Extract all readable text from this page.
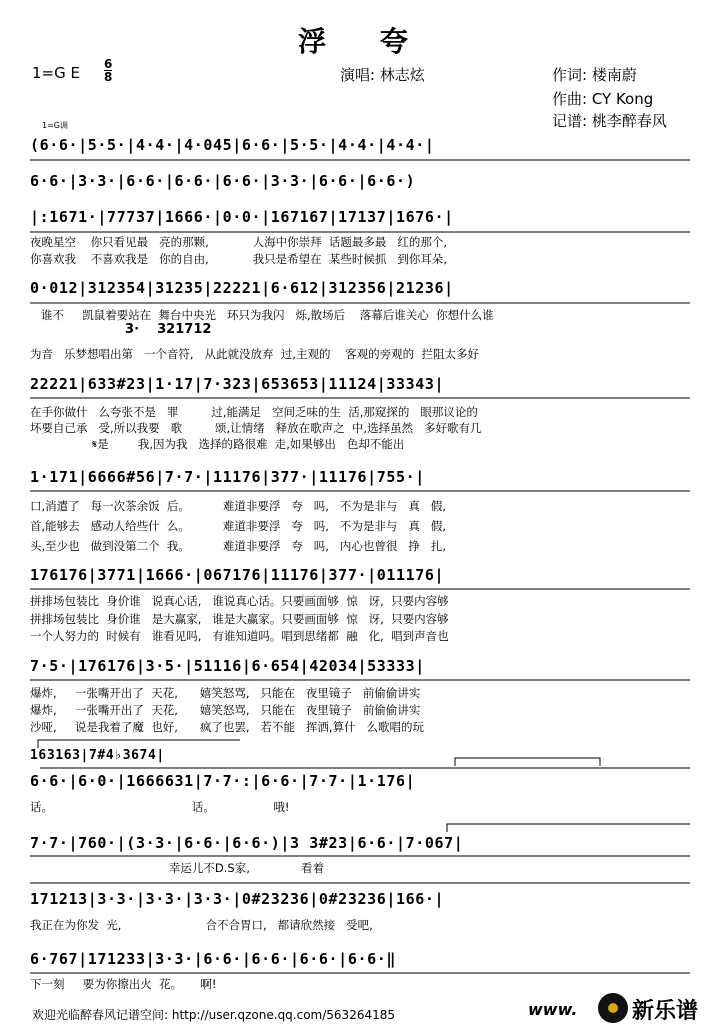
浮 夸
1=G E 6
8	演唱: 林志炫	作词: 楼南蔚
作曲: CY Kong
记谱: 桃李醉春风
1=G调
(6·6·|5·5·|4·4·|4·045|6·6·|5·5·|4·4·|4·4·|
6·6·|3·3·|6·6·|6·6·|6·6·|3·3·|6·6·|6·6·)
|:1671·|77737|1666·|0·0·|167167|17137|1676·|
夜晚星空    你只看见最   亮的那颗,            人海中你崇拜  话题最多最   红的那个,
你喜欢我    不喜欢我是   你的自由,            我只是希望在  某些时候抓   到你耳朵,
0·012|312354|31235|22221|6·612|312356|21236|
谁不     凯鼠着要站在  舞台中央光   环只为我闪   烁,散场后    落幕后谁关心  你想什么谁
3·    321712
为音   乐梦想唱出第   一个音符,   从此就没放弃  过,主观的    客观的旁观的  拦阻太多好
22221|633#23|1·17|7·323|653653|11124|33343|
在手你做什   么夸张不是   罪         过,能满足   空间乏味的生  活,那窥探的   眼那议论的
坏要自己承   受,所以我要   歌         颂,让情绪   释放在歌声之  中,选择虽然   多好歌有几
𝄋是        我,因为我   选择的路很难  走,如果够出   色却不能出
1·171|6666#56|7·7·|11176|377·|11176|755·|
口,消遣了   每一次茶余饭  后。         难道非要浮   夸   吗,   不为是非与   真   假,
首,能够去   感动人给些什  么。         难道非要浮   夸   吗,   不为是非与   真   假,
头,至少也   做到没第二个  我。         难道非要浮   夸   吗,   内心也曾很   挣   扎,
176176|3771|1666·|067176|11176|377·|011176|
拼排场包装比  身价谁   说真心话,   谁说真心话。只要画面够  惊   讶,  只要内容够
拼排场包装比  身价谁   是大赢家,   谁是大赢家。只要画面够  惊   讶,  只要内容够
一个人努力的  时候有   谁看见吗,   有谁知道吗。唱到思绪都  融   化,  唱到声音也
7·5·|176176|3·5·|51116|6·654|42034|53333|
爆炸,     一张嘴开出了  天花,      嬉笑怒骂,   只能在   夜里镜子   前偷偷讲实
爆炸,     一张嘴开出了  天花,      嬉笑怒骂,   只能在   夜里镜子   前偷偷讲实
沙哑,     说是我着了魔  也好,      疯了也罢,   若不能   挥洒,算什   么歌唱的玩
163163|7#4♭3674|
6·6·|6·0·|1666631|7·7·:|6·6·|7·7·|1·176|
话。                                      话。                哦!
7·7·|760·|(3·3·|6·6·|6·6·)|3 3#23|6·6·|7·067|
幸运儿不D.S家,              看着
171213|3·3·|3·3·|3·3·|0#23236|0#23236|166·|
我正在为你发  光,                       合不合胃口,   都请欣然接   受吧,
6·767|171233|3·3·|6·6·|6·6·|6·6·|6·6·‖
下一刻     要为你擦出火  花。     啊!
欢迎光临醉春风记谱空间: http://user.qzone.qq.com/563264185	www. 新乐谱
